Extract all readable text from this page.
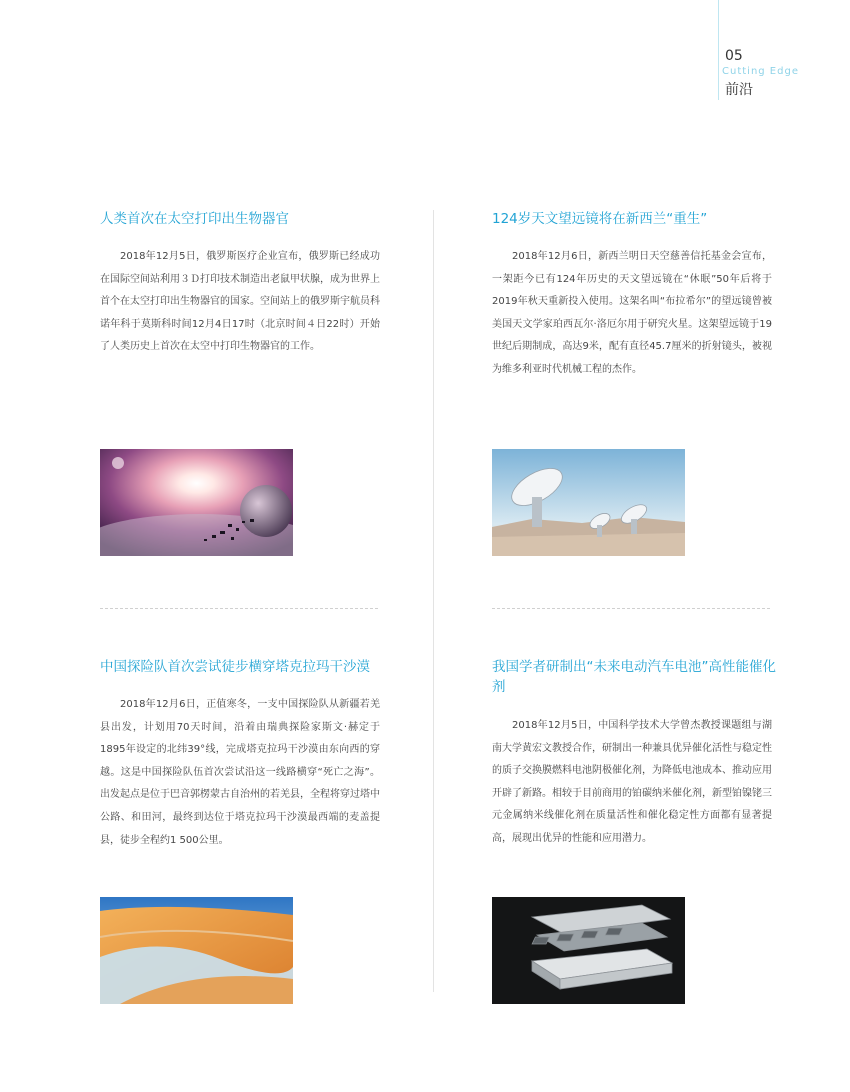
05
Cutting Edge
前沿
人类首次在太空打印出生物器官

2018年12月5日，俄罗斯医疗企业宣布，俄罗斯已经成功在国际空间站利用３Ｄ打印技术制造出老鼠甲状腺，成为世界上首个在太空打印出生物器官的国家。空间站上的俄罗斯宇航员科诺年科于莫斯科时间12月4日17时（北京时间４日22时）开始了人类历史上首次在太空中打印生物器官的工作。

124岁天文望远镜将在新西兰“重生”

2018年12月6日，新西兰明日天空慈善信托基金会宣布，一架距今已有124年历史的天文望远镜在“休眠”50年后将于2019年秋天重新投入使用。这架名叫“布拉希尔”的望远镜曾被美国天文学家珀西瓦尔·洛厄尔用于研究火星。这架望远镜于19世纪后期制成，高达9米，配有直径45.7厘米的折射镜头，被视为维多利亚时代机械工程的杰作。

中国探险队首次尝试徒步横穿塔克拉玛干沙漠

2018年12月6日，正值寒冬，一支中国探险队从新疆若羌县出发，计划用70天时间，沿着由瑞典探险家斯文·赫定于1895年设定的北纬39°线，完成塔克拉玛干沙漠由东向西的穿越。这是中国探险队伍首次尝试沿这一线路横穿“死亡之海”。出发起点是位于巴音郭楞蒙古自治州的若羌县，全程将穿过塔中公路、和田河，最终到达位于塔克拉玛干沙漠最西端的麦盖提县，徒步全程约1 500公里。

我国学者研制出“未来电动汽车电池”高性能催化剂

2018年12月5日，中国科学技术大学曾杰教授课题组与湖南大学黄宏文教授合作，研制出一种兼具优异催化活性与稳定性的质子交换膜燃料电池阴极催化剂，为降低电池成本、推动应用开辟了新路。相较于目前商用的铂碳纳米催化剂，新型铂镍铑三元金属纳米线催化剂在质量活性和催化稳定性方面都有显著提高，展现出优异的性能和应用潜力。
